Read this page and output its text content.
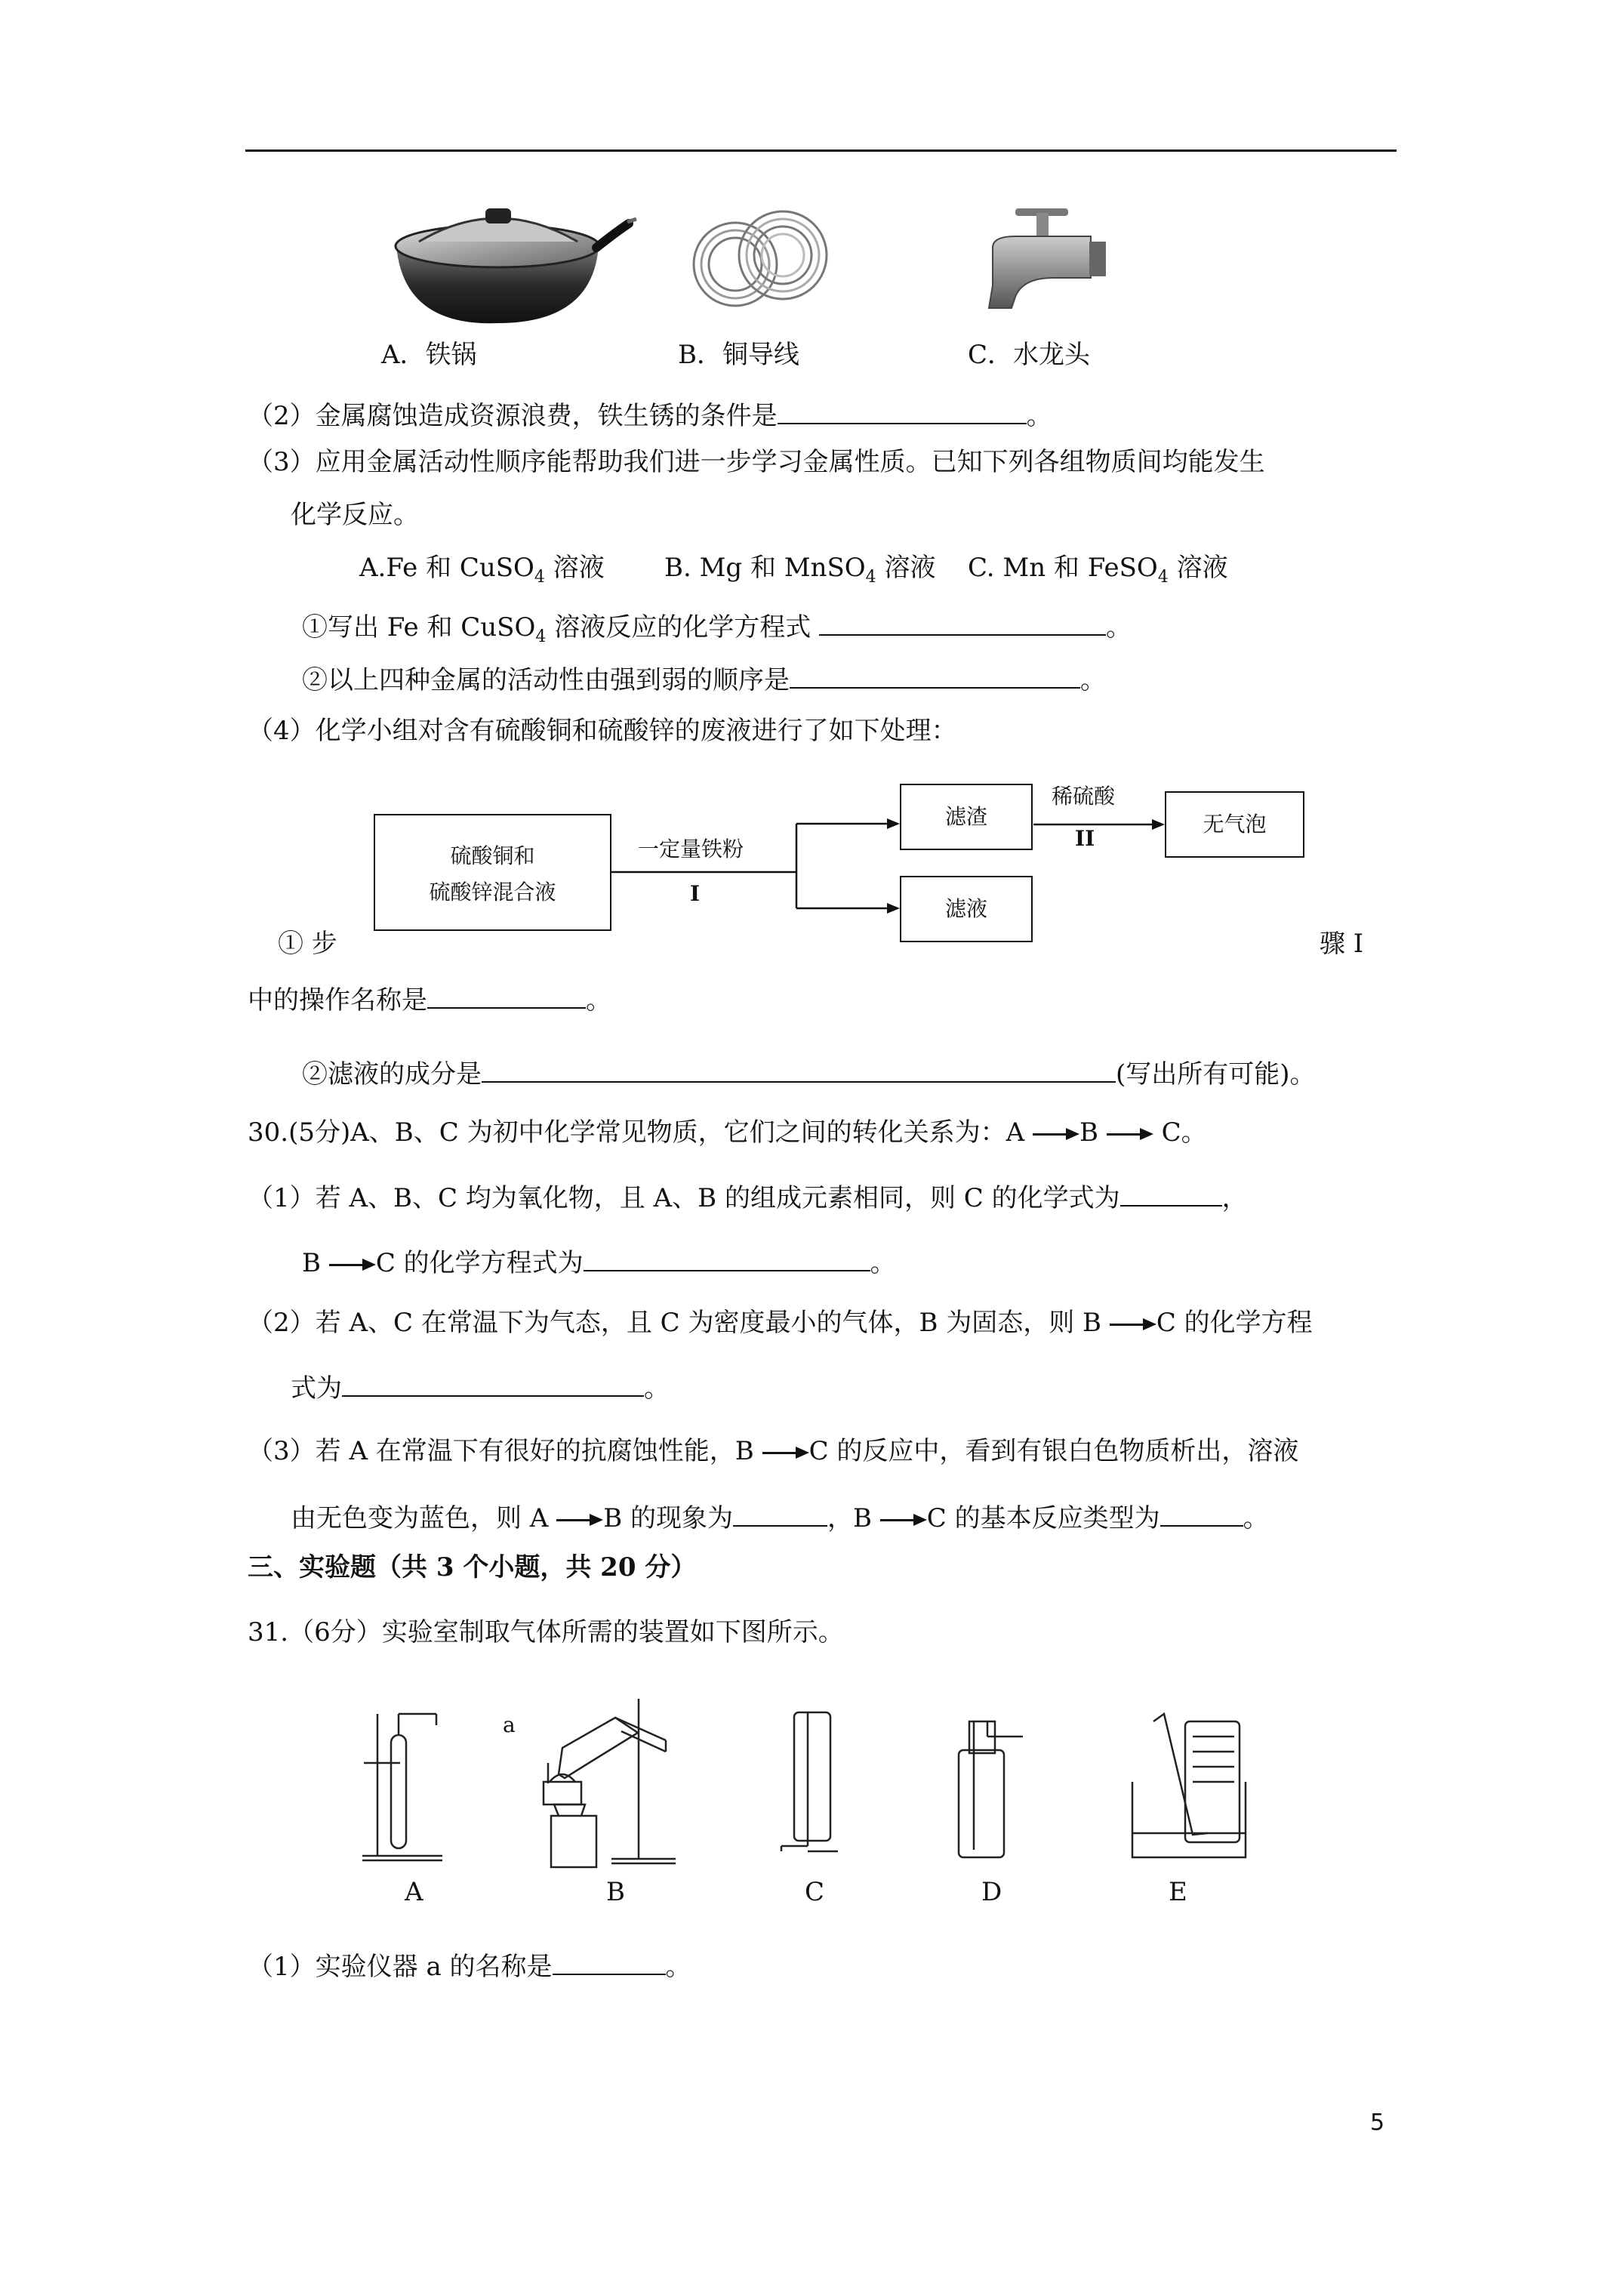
A．铁锅	B．铜导线	C．水龙头
（2）金属腐蚀造成资源浪费，铁生锈的条件是	。
（3）应用金属活动性顺序能帮助我们进一步学习金属性质。已知下列各组物质间均能发生
化学反应。
A.Fe 和 CuSO$_4$ 溶液 B. Mg 和 MnSO$_4$ 溶液 C. Mn 和 FeSO$_4$ 溶液
①写出 Fe 和 CuSO$_4$ 溶液反应的化学方程式	。
②以上四种金属的活动性由强到弱的顺序是	。
（4）化学小组对含有硫酸铜和硫酸锌的废液进行了如下处理：
硫酸铜和
硫酸锌混合液
一定量铁粉
I
滤渣
滤液
无气泡
稀硫酸
II
① 步	骤 I
中的操作名称是	。
②滤液的成分是	(写出所有可能)。
30.(5分)A、B、C 为初中化学常见物质，它们之间的转化关系为：A B C。
（1）若 A、B、C 均为氧化物，且 A、B 的组成元素相同，则 C 的化学式为	，
B C 的化学方程式为	。
（2）若 A、C 在常温下为气态，且 C 为密度最小的气体，B 为固态，则 B C 的化学方程
式为	。
（3）若 A 在常温下有很好的抗腐蚀性能，B C 的反应中，看到有银白色物质析出，溶液
由无色变为蓝色，则 A B 的现象为	，B C 的基本反应类型为	。
三、实验题（共 3 个小题，共 20 分）
31.（6分）实验室制取气体所需的装置如下图所示。
a
A	B	C	D	E
（1）实验仪器 a 的名称是	。
5
